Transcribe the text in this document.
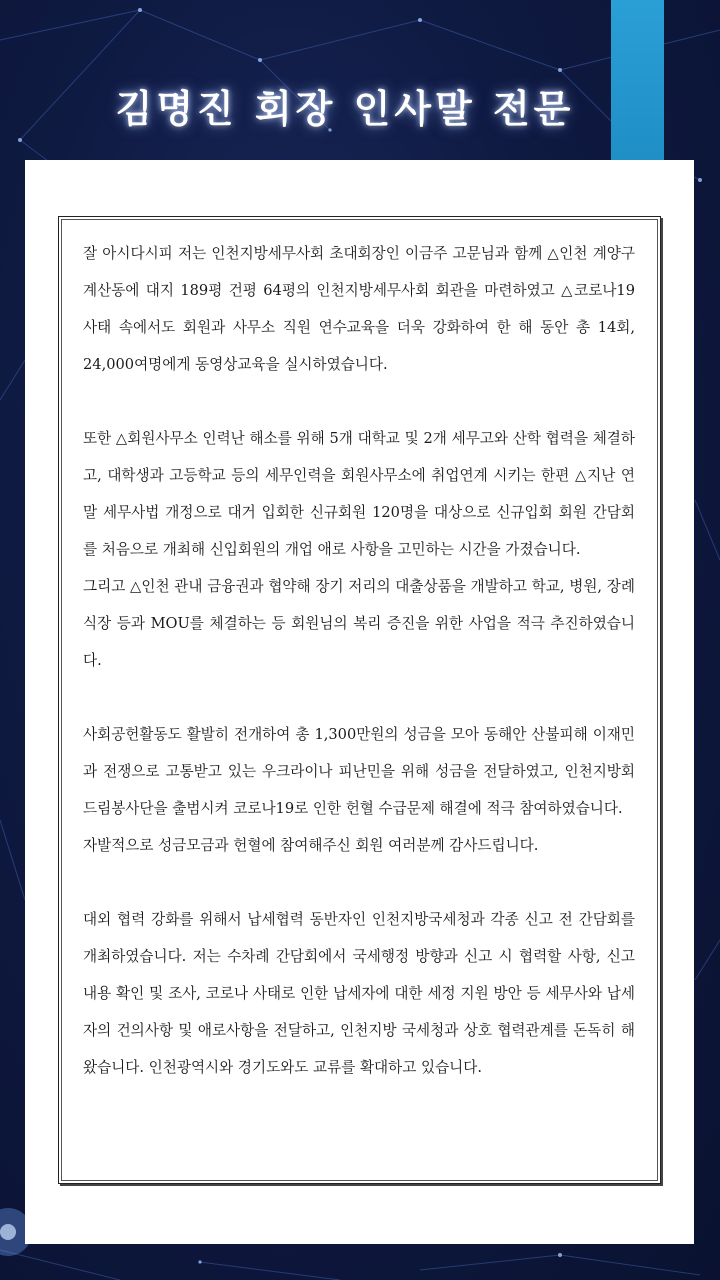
김명진 회장 인사말 전문

잘 아시다시피 저는 인천지방세무사회 초대회장인 이금주 고문님과 함께 △인천 계양구 계산동에 대지 189평 건평 64평의 인천지방세무사회 회관을 마련하였고 △코로나19 사태 속에서도 회원과 사무소 직원 연수교육을 더욱 강화하여 한 해 동안 총 14회, 24,000여명에게 동영상교육을 실시하였습니다.

또한 △회원사무소 인력난 해소를 위해 5개 대학교 및 2개 세무고와 산학 협력을 체결하고, 대학생과 고등학교 등의 세무인력을 회원사무소에 취업연계 시키는 한편 △지난 연말 세무사법 개정으로 대거 입회한 신규회원 120명을 대상으로 신규입회 회원 간담회를 처음으로 개최해 신입회원의 개업 애로 사항을 고민하는 시간을 가졌습니다.

그리고 △인천 관내 금융권과 협약해 장기 저리의 대출상품을 개발하고 학교, 병원, 장례식장 등과 MOU를 체결하는 등 회원님의 복리 증진을 위한 사업을 적극 추진하였습니다.

사회공헌활동도 활발히 전개하여 총 1,300만원의 성금을 모아 동해안 산불피해 이재민과 전쟁으로 고통받고 있는 우크라이나 피난민을 위해 성금을 전달하였고, 인천지방회 드림봉사단을 출범시켜 코로나19로 인한 헌혈 수급문제 해결에 적극 참여하였습니다.

자발적으로 성금모금과 헌혈에 참여해주신 회원 여러분께 감사드립니다.

대외 협력 강화를 위해서 납세협력 동반자인 인천지방국세청과 각종 신고 전 간담회를 개최하였습니다. 저는 수차례 간담회에서 국세행정 방향과 신고 시 협력할 사항, 신고 내용 확인 및 조사, 코로나 사태로 인한 납세자에 대한 세정 지원 방안 등 세무사와 납세자의 건의사항 및 애로사항을 전달하고, 인천지방 국세청과 상호 협력관계를 돈독히 해왔습니다. 인천광역시와 경기도와도 교류를 확대하고 있습니다.
